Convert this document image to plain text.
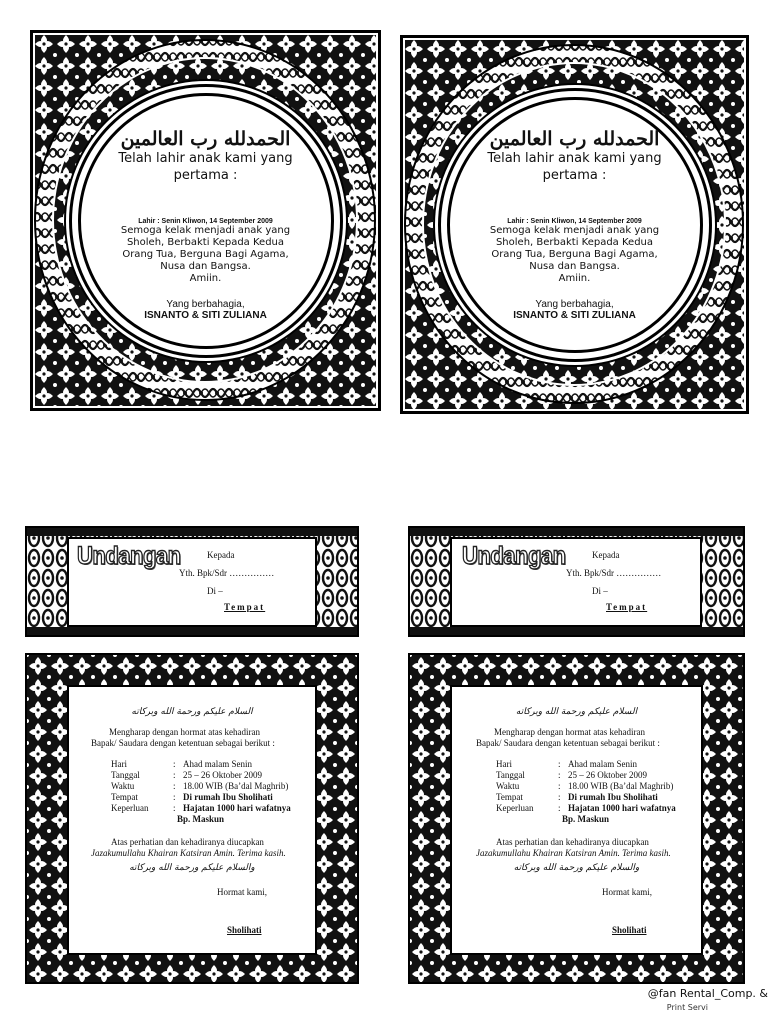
الحمدلله رب العالمين
Telah lahir anak kami yang
pertama :
Lahir : Senin Kliwon, 14 September 2009
Semoga kelak menjadi anak yang
Sholeh, Berbakti Kepada Kedua
Orang Tua, Berguna Bagi Agama,
Nusa dan Bangsa.
Amiin.
Yang berbahagia,
ISNANTO & SITI ZULIANA
الحمدلله رب العالمين
Telah lahir anak kami yang
pertama :
Lahir : Senin Kliwon, 14 September 2009
Semoga kelak menjadi anak yang
Sholeh, Berbakti Kepada Kedua
Orang Tua, Berguna Bagi Agama,
Nusa dan Bangsa.
Amiin.
Yang berbahagia,
ISNANTO & SITI ZULIANA
Undangan	Kepada
Yth. Bpk/Sdr ……………
Di –
Tempat
Undangan	Kepada
Yth. Bpk/Sdr ……………
Di –
Tempat
السلام عليكم ورحمة الله وبركاته
Mengharap dengan hormat atas kehadiran
Bapak/ Saudara dengan ketentuan sebagai berikut :
Hari	: Ahad malam Senin
Tanggal	: 25 – 26 Oktober 2009
Waktu	: 18.00 WIB (Ba’dal Maghrib)
Tempat	: Di rumah Ibu Sholihati
Keperluan	: Hajatan 1000 hari wafatnya
Bp. Maskun
Atas perhatian dan kehadiranya diucapkan
Jazakumullahu Khairan Katsiran Amin. Terima kasih.
والسلام عليكم ورحمة الله وبركاته
Hormat kami,
Sholihati
السلام عليكم ورحمة الله وبركاته
Mengharap dengan hormat atas kehadiran
Bapak/ Saudara dengan ketentuan sebagai berikut :
Hari	: Ahad malam Senin
Tanggal	: 25 – 26 Oktober 2009
Waktu	: 18.00 WIB (Ba’dal Maghrib)
Tempat	: Di rumah Ibu Sholihati
Keperluan	: Hajatan 1000 hari wafatnya
Bp. Maskun
Atas perhatian dan kehadiranya diucapkan
Jazakumullahu Khairan Katsiran Amin. Terima kasih.
والسلام عليكم ورحمة الله وبركاته
Hormat kami,
Sholihati
@fan Rental_Comp. &
Print Servi
